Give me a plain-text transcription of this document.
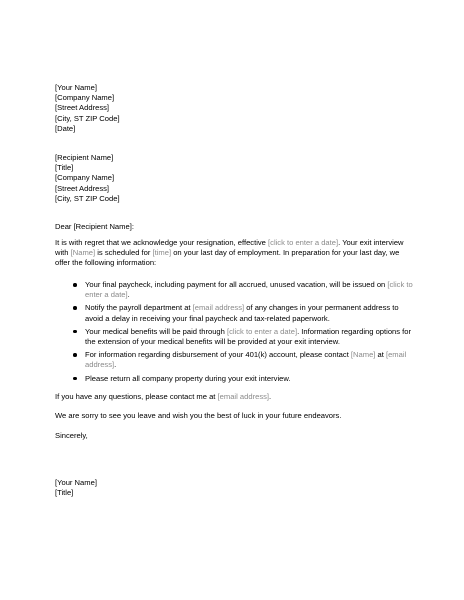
[Your Name]
[Company Name]
[Street Address]
[City, ST ZIP Code]
[Date]
[Recipient Name]
[Title]
[Company Name]
[Street Address]
[City, ST ZIP Code]
Dear [Recipient Name]:

It is with regret that we acknowledge your resignation, effective [click to enter a date]. Your exit interview with [Name] is scheduled for [time] on your last day of employment. In preparation for your last day, we offer the following information:

Your final paycheck, including payment for all accrued, unused vacation, will be issued on [click to enter a date].
Notify the payroll department at [email address] of any changes in your permanent address to avoid a delay in receiving your final paycheck and tax-related paperwork.
Your medical benefits will be paid through [click to enter a date]. Information regarding options for the extension of your medical benefits will be provided at your exit interview.
For information regarding disbursement of your 401(k) account, please contact [Name] at [email address].
Please return all company property during your exit interview.

If you have any questions, please contact me at [email address].

We are sorry to see you leave and wish you the best of luck in your future endeavors.
Sincerely,
[Your Name]
[Title]
